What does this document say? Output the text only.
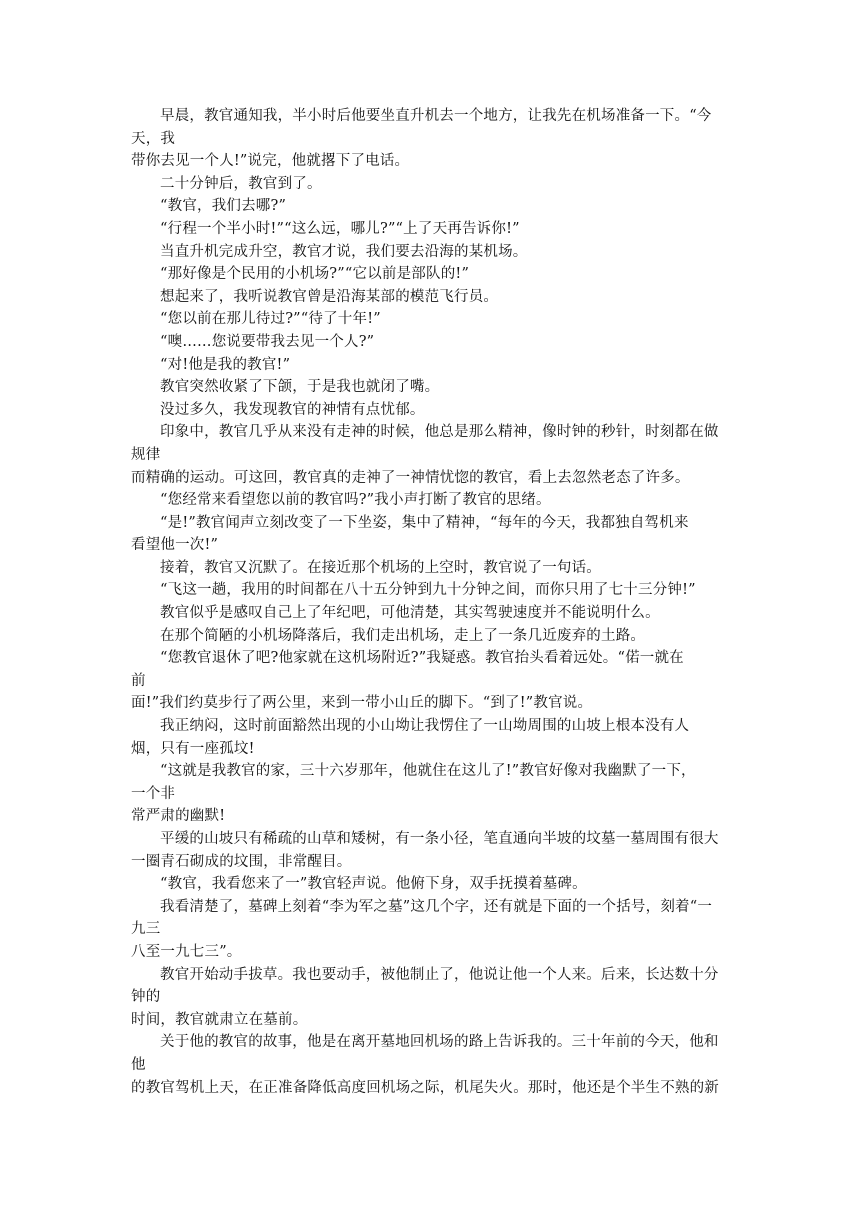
早晨，教官通知我，半小时后他要坐直升机去一个地方，让我先在机场准备一下。“今
天，我
带你去见一个人!”说完，他就撂下了电话。
二十分钟后，教官到了。
“教官，我们去哪?”
“行程一个半小时!”“这么远，哪儿?”“上了天再告诉你!”
当直升机完成升空，教官才说，我们要去沿海的某机场。
“那好像是个民用的小机场?”“它以前是部队的!”
想起来了，我听说教官曾是沿海某部的模范飞行员。
“您以前在那儿待过?”“待了十年!”
“噢……您说要带我去见一个人?”
“对!他是我的教官!”
教官突然收紧了下颌，于是我也就闭了嘴。
没过多久，我发现教官的神情有点忧郁。
印象中，教官几乎从来没有走神的时候，他总是那么精神，像时钟的秒针，时刻都在做
规律
而精确的运动。可这回，教官真的走神了一神情忧惚的教官，看上去忽然老态了许多。
“您经常来看望您以前的教官吗?”我小声打断了教官的思绪。
“是!”教官闻声立刻改变了一下坐姿，集中了精神，“每年的今天，我都独自驾机来
看望他一次!”
接着，教官又沉默了。在接近那个机场的上空时，教官说了一句话。
“飞这一趟，我用的时间都在八十五分钟到九十分钟之间，而你只用了七十三分钟!”
教官似乎是感叹自己上了年纪吧，可他清楚，其实驾驶速度并不能说明什么。
在那个简陋的小机场降落后，我们走出机场，走上了一条几近废弃的土路。
“您教官退休了吧?他家就在这机场附近?”我疑惑。教官抬头看着远处。“偌一就在
前
面!”我们约莫步行了两公里，来到一带小山丘的脚下。“到了!”教官说。
我正纳闷，这时前面豁然出现的小山坳让我愣住了一山坳周围的山坡上根本没有人
烟，只有一座孤坟!
“这就是我教官的家，三十六岁那年，他就住在这儿了!”教官好像对我幽默了一下，
一个非
常严肃的幽默!
平缓的山坡只有稀疏的山草和矮树，有一条小径，笔直通向半坡的坟墓一墓周围有很大
一圈青石砌成的坟围，非常醒目。
“教官，我看您来了一”教官轻声说。他俯下身，双手抚摸着墓碑。
我看清楚了，墓碑上刻着“李为军之墓”这几个字，还有就是下面的一个括号，刻着“一
九三
八至一九七三”。
教官开始动手拔草。我也要动手，被他制止了，他说让他一个人来。后来，长达数十分
钟的
时间，教官就肃立在墓前。
关于他的教官的故事，他是在离开墓地回机场的路上告诉我的。三十年前的今天，他和
他
的教官驾机上天，在正准备降低高度回机场之际，机尾失火。那时，他还是个半生不熟的新
